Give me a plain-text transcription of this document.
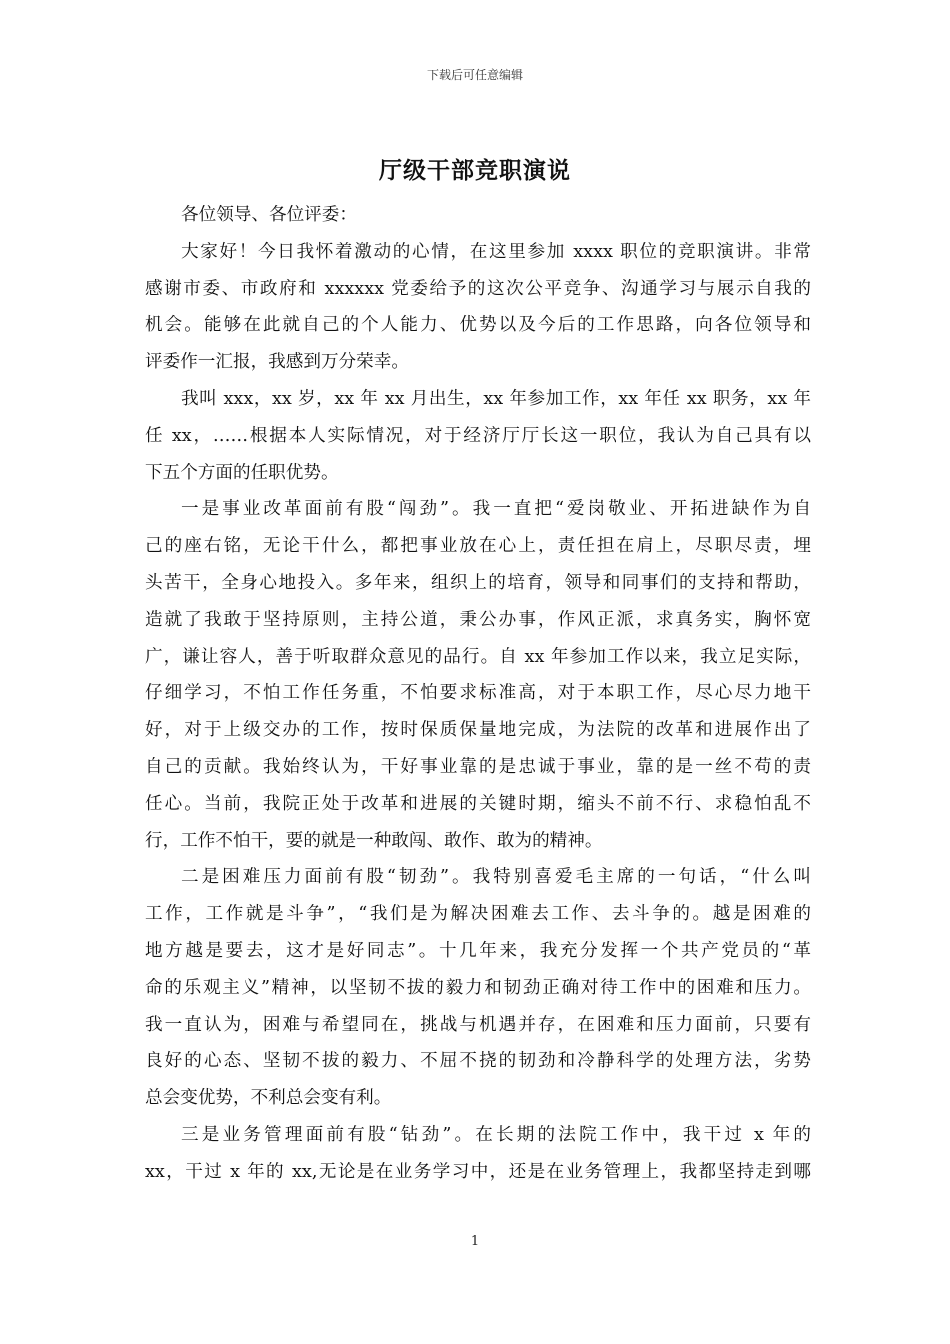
下载后可任意编辑
厅级干部竞职演说
各位领导、各位评委：
大家好！今日我怀着激动的心情，在这里参加 xxxx 职位的竞职演讲。非常
感谢市委、市政府和 xxxxxx 党委给予的这次公平竞争、沟通学习与展示自我的
机会。能够在此就自己的个人能力、优势以及今后的工作思路，向各位领导和
评委作一汇报，我感到万分荣幸。
我叫 xxx，xx 岁，xx 年 xx 月出生，xx 年参加工作，xx 年任 xx 职务，xx 年
任 xx，……根据本人实际情况，对于经济厅厅长这一职位，我认为自己具有以
下五个方面的任职优势。
一是事业改革面前有股“闯劲”。我一直把“爱岗敬业、开拓进缺作为自
己的座右铭，无论干什么，都把事业放在心上，责任担在肩上，尽职尽责，埋
头苦干，全身心地投入。多年来，组织上的培育，领导和同事们的支持和帮助，
造就了我敢于坚持原则，主持公道，秉公办事，作风正派，求真务实，胸怀宽
广，谦让容人，善于听取群众意见的品行。自 xx 年参加工作以来，我立足实际，
仔细学习，不怕工作任务重，不怕要求标准高，对于本职工作，尽心尽力地干
好，对于上级交办的工作，按时保质保量地完成，为法院的改革和进展作出了
自己的贡献。我始终认为，干好事业靠的是忠诚于事业，靠的是一丝不苟的责
任心。当前，我院正处于改革和进展的关键时期，缩头不前不行、求稳怕乱不
行，工作不怕干，要的就是一种敢闯、敢作、敢为的精神。
二是困难压力面前有股“韧劲”。我特别喜爱毛主席的一句话，“什么叫
工作，工作就是斗争”，“我们是为解决困难去工作、去斗争的。越是困难的
地方越是要去，这才是好同志”。十几年来，我充分发挥一个共产党员的“革
命的乐观主义”精神，以坚韧不拔的毅力和韧劲正确对待工作中的困难和压力。
我一直认为，困难与希望同在，挑战与机遇并存，在困难和压力面前，只要有
良好的心态、坚韧不拔的毅力、不屈不挠的韧劲和冷静科学的处理方法，劣势
总会变优势，不利总会变有利。
三是业务管理面前有股“钻劲”。在长期的法院工作中，我干过 x 年的
xx，干过 x 年的 xx,无论是在业务学习中，还是在业务管理上，我都坚持走到哪
1
